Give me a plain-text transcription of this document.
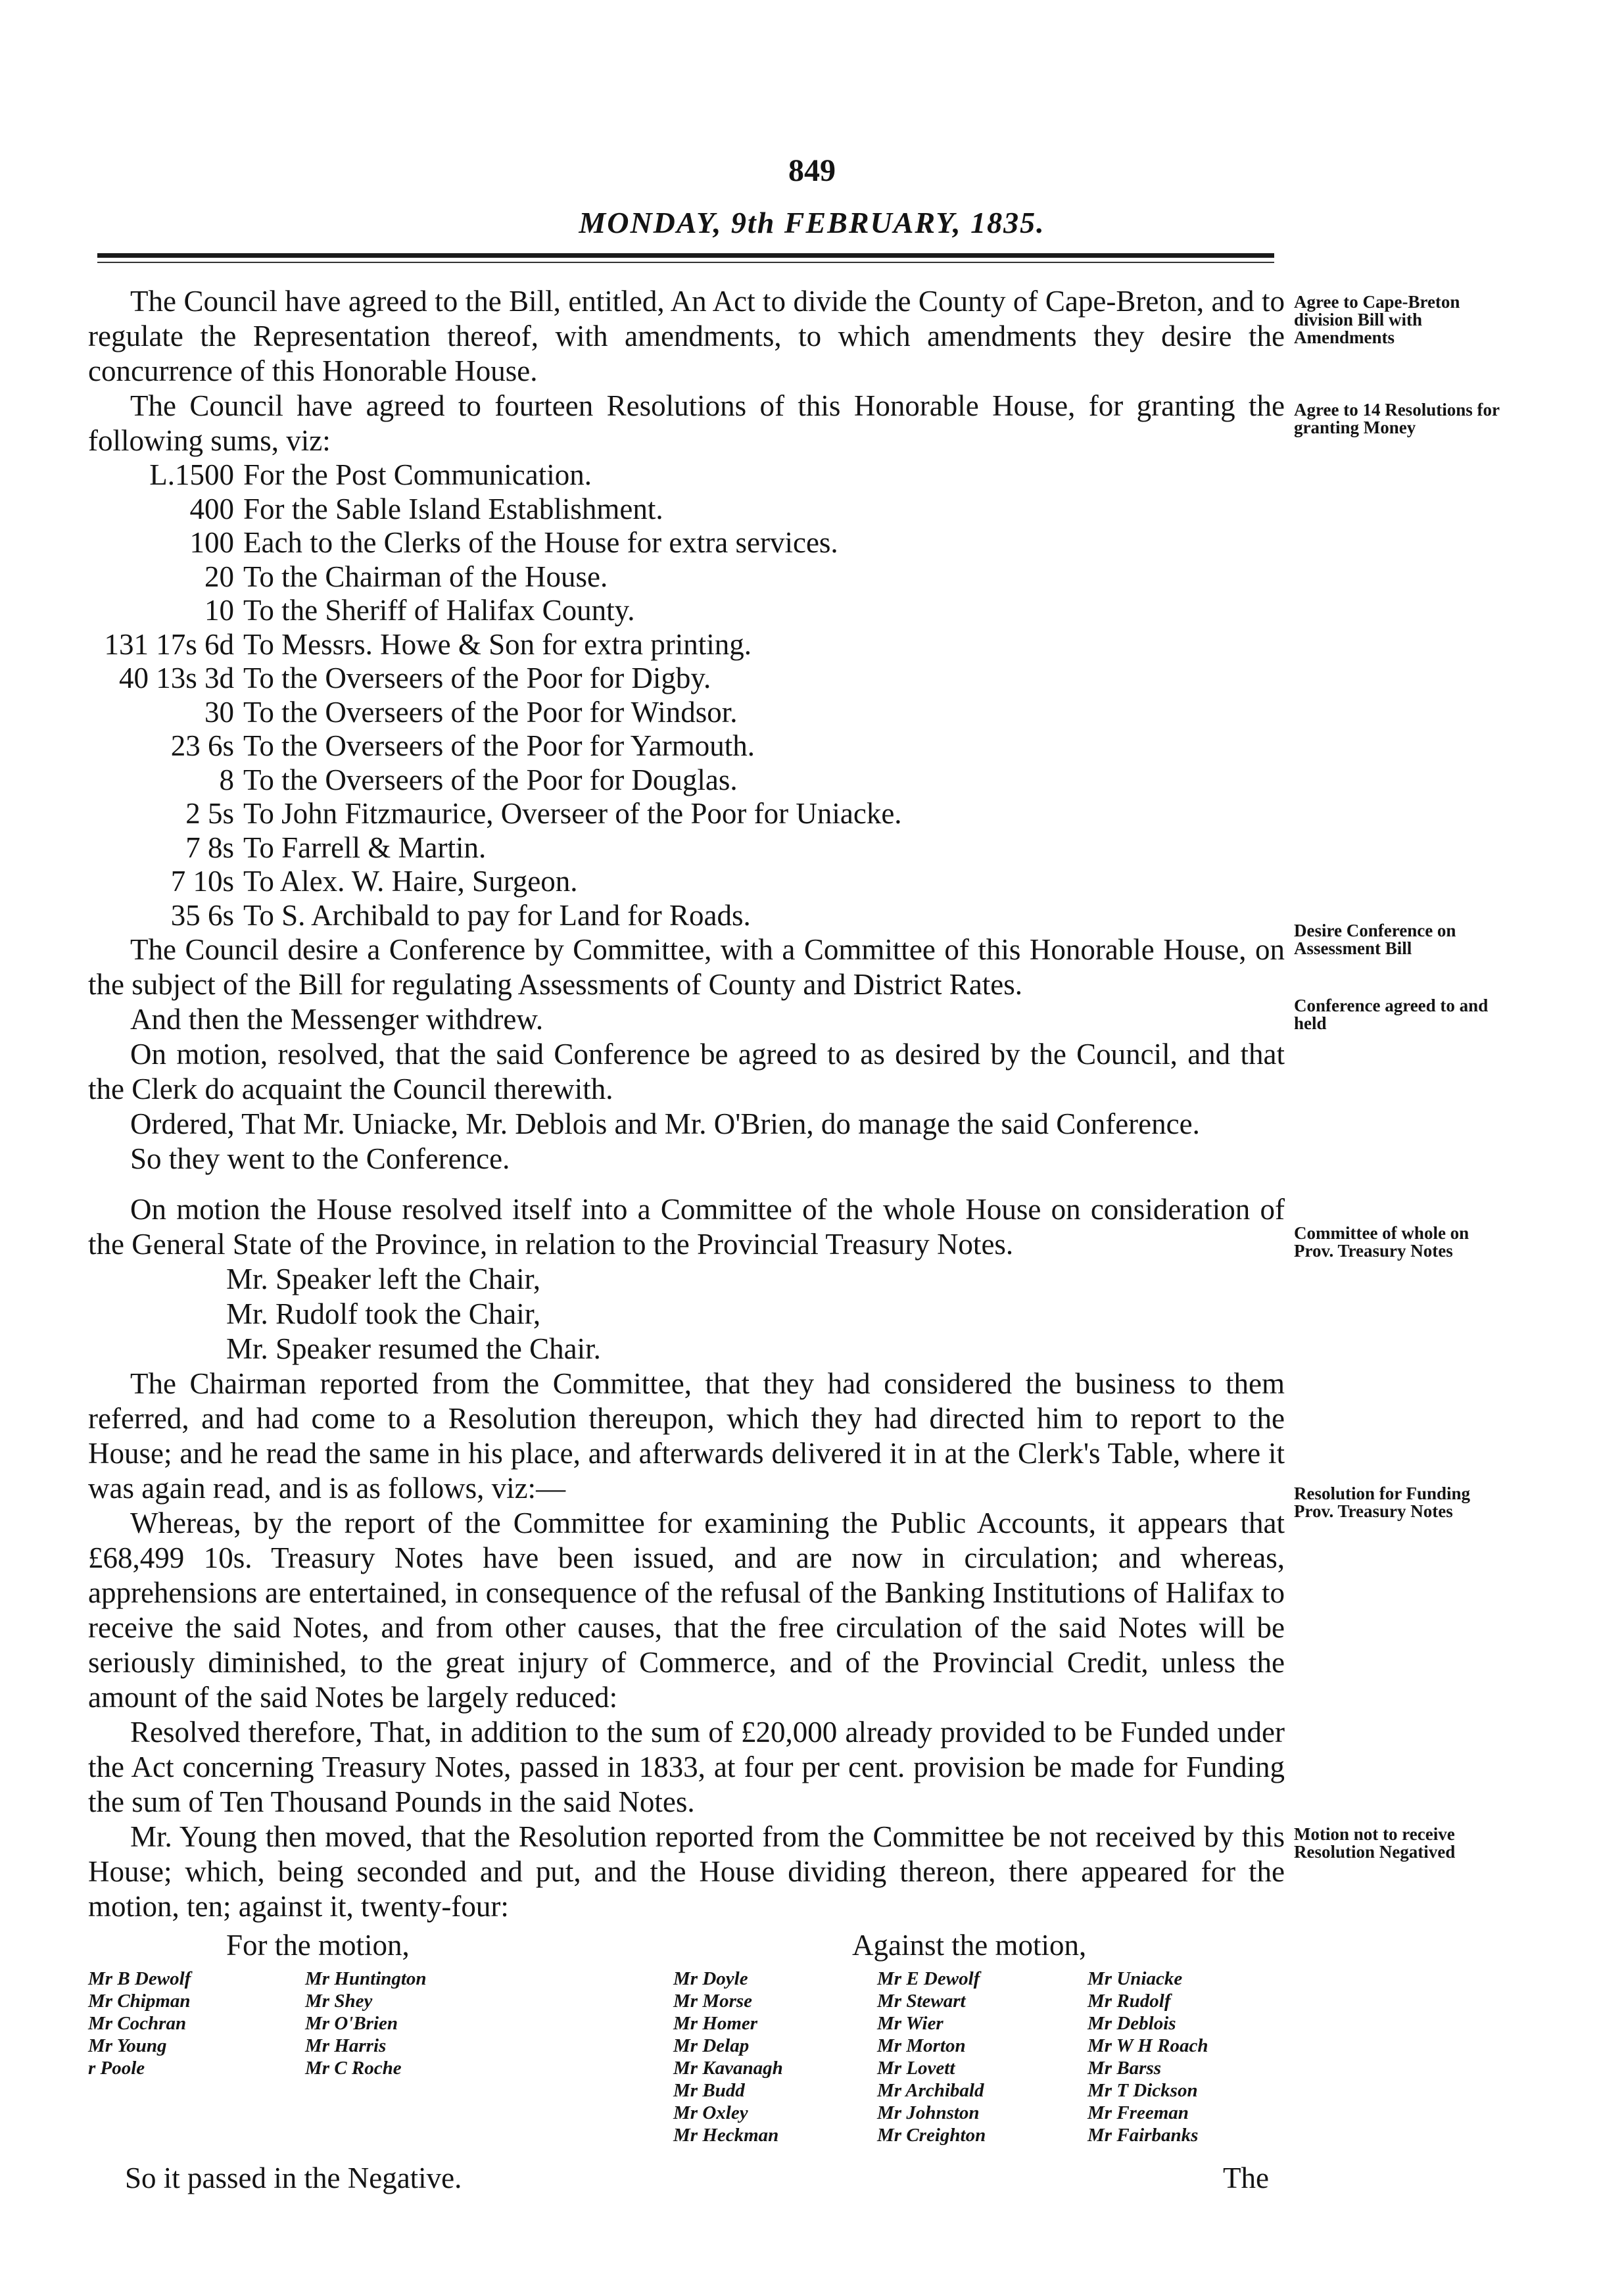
849
MONDAY, 9th FEBRUARY, 1835.

The Council have agreed to the Bill, entitled, An Act to divide the County of Cape-Breton, and to regulate the Representation thereof, with amendments, to which amendments they desire the concurrence of this Honorable House.

The Council have agreed to fourteen Resolutions of this Honorable House, for granting the following sums, viz:

L.1500 For the Post Communication.
400 For the Sable Island Establishment.
100 Each to the Clerks of the House for extra services.
20 To the Chairman of the House.
10 To the Sheriff of Halifax County.
131 17s 6d To Messrs. Howe & Son for extra printing.
40 13s 3d To the Overseers of the Poor for Digby.
30 To the Overseers of the Poor for Windsor.
23 6s To the Overseers of the Poor for Yarmouth.
8 To the Overseers of the Poor for Douglas.
2 5s To John Fitzmaurice, Overseer of the Poor for Uniacke.
7 8s To Farrell & Martin.
7 10s To Alex. W. Haire, Surgeon.
35 6s To S. Archibald to pay for Land for Roads.

The Council desire a Conference by Committee, with a Committee of this Honorable House, on the subject of the Bill for regulating Assessments of County and District Rates.

And then the Messenger withdrew.

On motion, resolved, that the said Conference be agreed to as desired by the Council, and that the Clerk do acquaint the Council therewith.

Ordered, That Mr. Uniacke, Mr. Deblois and Mr. O'Brien, do manage the said Conference.

So they went to the Conference.

On motion the House resolved itself into a Committee of the whole House on consideration of the General State of the Province, in relation to the Provincial Treasury Notes.

Mr. Speaker left the Chair,

Mr. Rudolf took the Chair,

Mr. Speaker resumed the Chair.

The Chairman reported from the Committee, that they had considered the business to them referred, and had come to a Resolution thereupon, which they had directed him to report to the House; and he read the same in his place, and afterwards delivered it in at the Clerk's Table, where it was again read, and is as follows, viz:—

Whereas, by the report of the Committee for examining the Public Accounts, it appears that £68,499 10s. Treasury Notes have been issued, and are now in circulation; and whereas, apprehensions are entertained, in consequence of the refusal of the Banking Institutions of Halifax to receive the said Notes, and from other causes, that the free circulation of the said Notes will be seriously diminished, to the great injury of Commerce, and of the Provincial Credit, unless the amount of the said Notes be largely reduced:

Resolved therefore, That, in addition to the sum of £20,000 already provided to be Funded under the Act concerning Treasury Notes, passed in 1833, at four per cent. provision be made for Funding the sum of Ten Thousand Pounds in the said Notes.

Mr. Young then moved, that the Resolution reported from the Committee be not received by this House; which, being seconded and put, and the House dividing thereon, there appeared for the motion, ten; against it, twenty-four:

Agree to Cape-Breton division Bill with Amendments
Agree to 14 Resolutions for granting Money
Desire Conference on Assessment Bill
Conference agreed to and held
Committee of whole on Prov. Treasury Notes
Resolution for Funding Prov. Treasury Notes
Motion not to receive Resolution Negatived
For the motion,	Against the motion,
Mr B Dewolf
Mr Chipman
Mr Cochran
Mr Young
r Poole
Mr Huntington
Mr Shey
Mr O'Brien
Mr Harris
Mr C Roche
Mr Doyle
Mr Morse
Mr Homer
Mr Delap
Mr Kavanagh
Mr Budd
Mr Oxley
Mr Heckman
Mr E Dewolf
Mr Stewart
Mr Wier
Mr Morton
Mr Lovett
Mr Archibald
Mr Johnston
Mr Creighton
Mr Uniacke
Mr Rudolf
Mr Deblois
Mr W H Roach
Mr Barss
Mr T Dickson
Mr Freeman
Mr Fairbanks
So it passed in the Negative.	The
